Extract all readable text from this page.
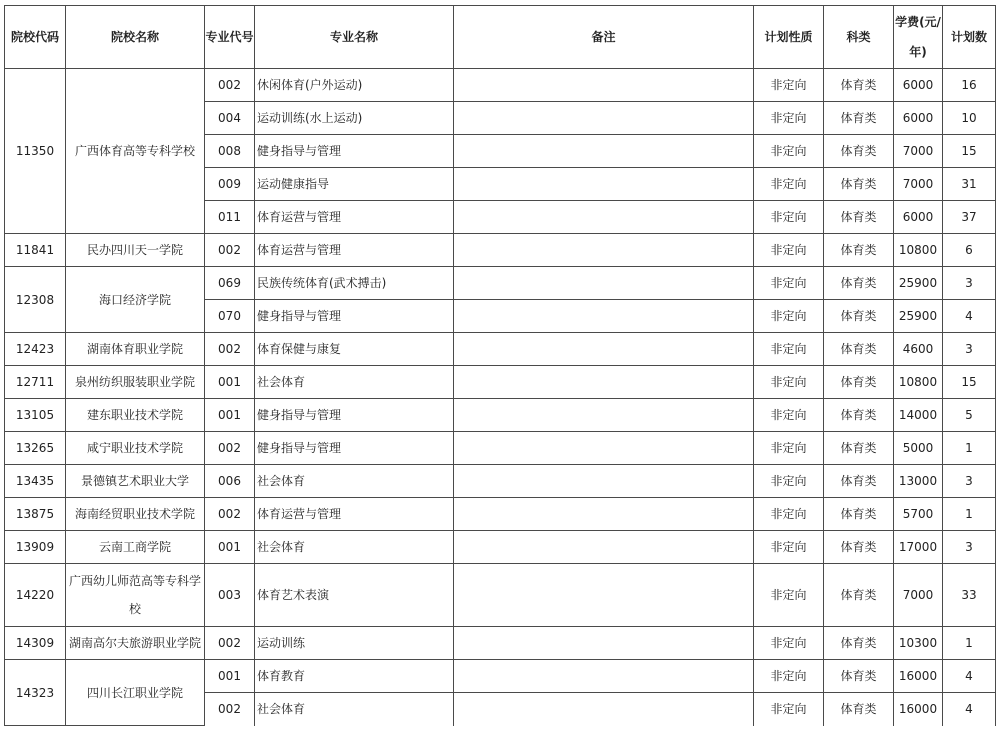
院校代码	院校名称	专业代号	专业名称	备注	计划性质	科类	学费(元/年)	计划数
11350	广西体育高等专科学校	002	休闲体育(户外运动)		非定向	体育类	6000	16
		004	运动训练(水上运动)		非定向	体育类	6000	10
		008	健身指导与管理		非定向	体育类	7000	15
		009	运动健康指导		非定向	体育类	7000	31
		011	体育运营与管理		非定向	体育类	6000	37
11841	民办四川天一学院	002	体育运营与管理		非定向	体育类	10800	6
12308	海口经济学院	069	民族传统体育(武术搏击)		非定向	体育类	25900	3
		070	健身指导与管理		非定向	体育类	25900	4
12423	湖南体育职业学院	002	体育保健与康复		非定向	体育类	4600	3
12711	泉州纺织服装职业学院	001	社会体育		非定向	体育类	10800	15
13105	建东职业技术学院	001	健身指导与管理		非定向	体育类	14000	5
13265	咸宁职业技术学院	002	健身指导与管理		非定向	体育类	5000	1
13435	景德镇艺术职业大学	006	社会体育		非定向	体育类	13000	3
13875	海南经贸职业技术学院	002	体育运营与管理		非定向	体育类	5700	1
13909	云南工商学院	001	社会体育		非定向	体育类	17000	3
14220	广西幼儿师范高等专科学校	003	体育艺术表演		非定向	体育类	7000	33
14309	湖南高尔夫旅游职业学院	002	运动训练		非定向	体育类	10300	1
14323	四川长江职业学院	001	体育教育		非定向	体育类	16000	4
		002	社会体育		非定向	体育类	16000	4
